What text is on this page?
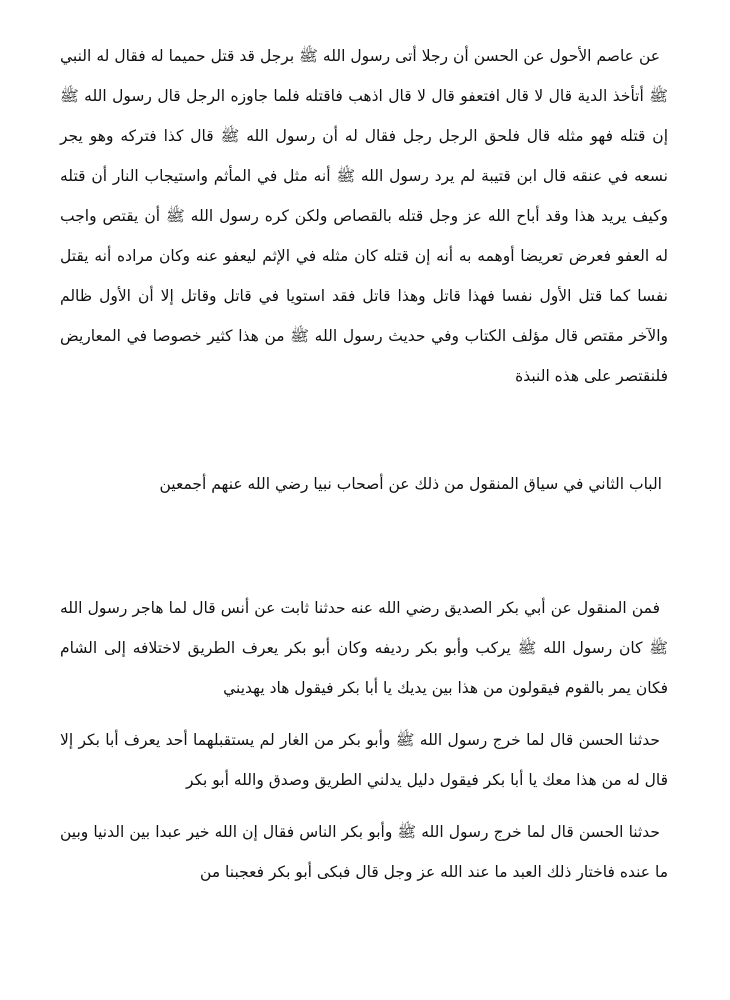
عن عاصم الأحول عن الحسن أن رجلا أتى رسول الله ﷺ برجل قد قتل حميما له فقال له النبي ﷺ أتأخذ الدية قال لا قال افتعفو قال لا قال اذهب فاقتله فلما جاوزه الرجل قال رسول الله ﷺ إن قتله فهو مثله قال فلحق الرجل رجل فقال له أن رسول الله ﷺ قال كذا فتركه وهو يجر نسعه في عنقه قال ابن قتيبة لم يرد رسول الله ﷺ أنه مثل في المأثم واستيجاب النار أن قتله وكيف يريد هذا وقد أباح الله عز وجل قتله بالقصاص ولكن كره رسول الله ﷺ أن يقتص واجب له العفو فعرض تعريضا أوهمه به أنه إن قتله كان مثله في الإثم ليعفو عنه وكان مراده أنه يقتل نفسا كما قتل الأول نفسا فهذا قاتل وهذا قاتل فقد استويا في قاتل وقاتل إلا أن الأول ظالم والآخر مقتص قال مؤلف الكتاب وفي حديث رسول الله ﷺ من هذا كثير خصوصا في المعاريض فلنقتصر على هذه النبذة

الباب الثاني في سياق المنقول من ذلك عن أصحاب نبيا رضي الله عنهم أجمعين

فمن المنقول عن أبي بكر الصديق رضي الله عنه حدثنا ثابت عن أنس قال لما هاجر رسول الله ﷺ كان رسول الله ﷺ يركب وأبو بكر رديفه وكان أبو بكر يعرف الطريق لاختلافه إلى الشام فكان يمر بالقوم فيقولون من هذا بين يديك يا أبا بكر فيقول هاد يهديني

حدثنا الحسن قال لما خرج رسول الله ﷺ وأبو بكر من الغار لم يستقبلهما أحد يعرف أبا بكر إلا قال له من هذا معك يا أبا بكر فيقول دليل يدلني الطريق وصدق والله أبو بكر

حدثنا الحسن قال لما خرج رسول الله ﷺ وأبو بكر الناس فقال إن الله خير عبدا بين الدنيا وبين ما عنده فاختار ذلك العبد ما عند الله عز وجل قال فبكى أبو بكر فعجبنا من
